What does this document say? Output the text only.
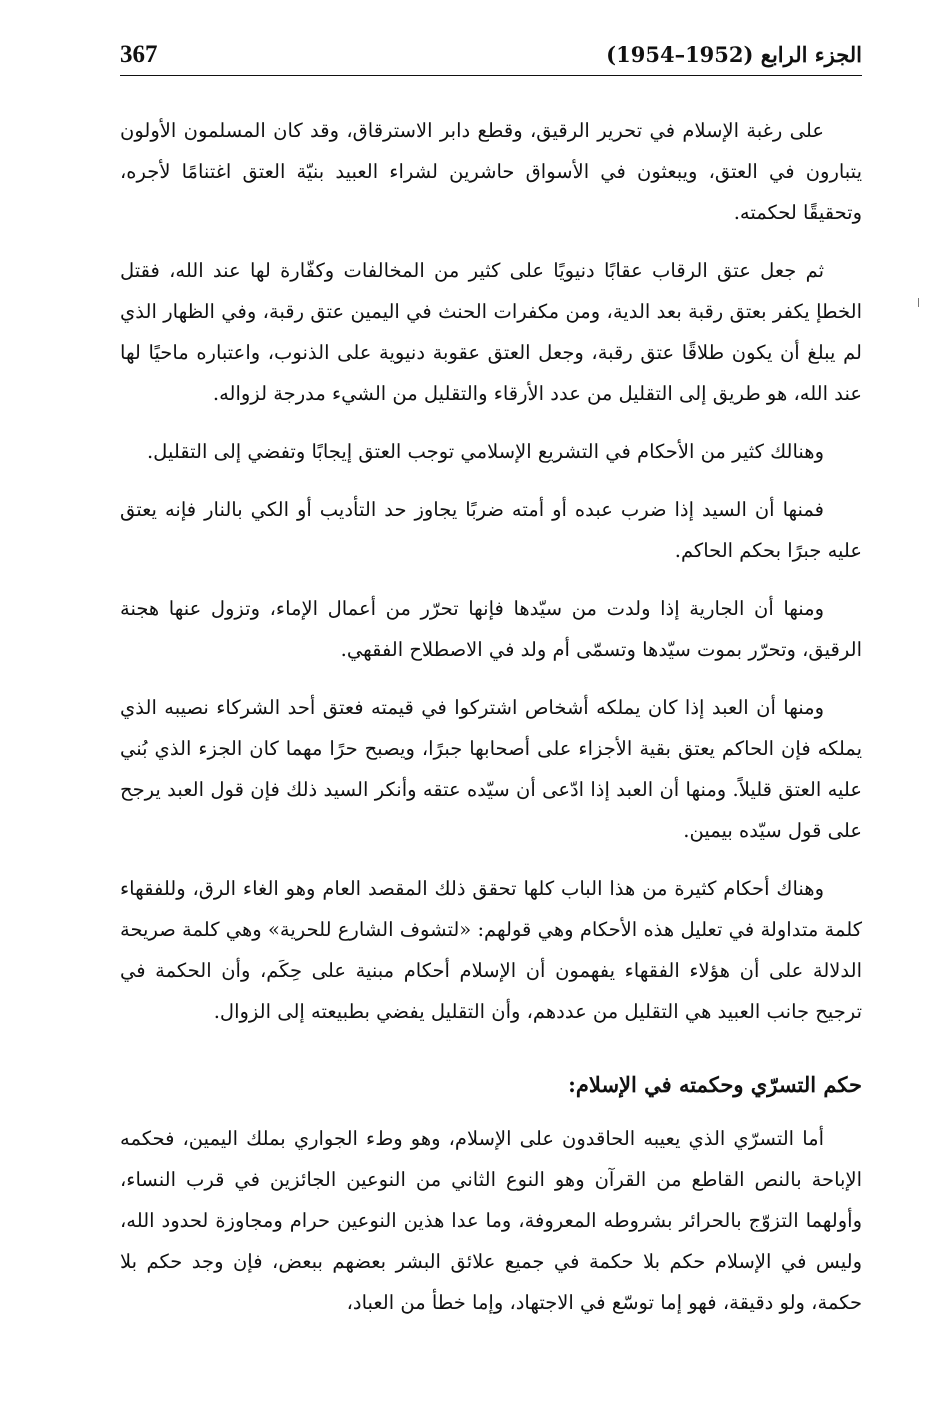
367	الجزء الرابع (1952–1954)

على رغبة الإسلام في تحرير الرقيق، وقطع دابر الاسترقاق، وقد كان المسلمون الأولون يتبارون في العتق، ويبعثون في الأسواق حاشرين لشراء العبيد بنيّة العتق اغتنامًا لأجره، وتحقيقًا لحكمته.

ثم جعل عتق الرقاب عقابًا دنيويًا على كثير من المخالفات وكفّارة لها عند الله، فقتل الخطإ يكفر بعتق رقبة بعد الدية، ومن مكفرات الحنث في اليمين عتق رقبة، وفي الظهار الذي لم يبلغ أن يكون طلاقًا عتق رقبة، وجعل العتق عقوبة دنيوية على الذنوب، واعتباره ماحيًا لها عند الله، هو طريق إلى التقليل من عدد الأرقاء والتقليل من الشيء مدرجة لزواله.

وهنالك كثير من الأحكام في التشريع الإسلامي توجب العتق إيجابًا وتفضي إلى التقليل.

فمنها أن السيد إذا ضرب عبده أو أمته ضربًا يجاوز حد التأديب أو الكي بالنار فإنه يعتق عليه جبرًا بحكم الحاكم.

ومنها أن الجارية إذا ولدت من سيّدها فإنها تحرّر من أعمال الإماء، وتزول عنها هجنة الرقيق، وتحرّر بموت سيّدها وتسمّى أم ولد في الاصطلاح الفقهي.

ومنها أن العبد إذا كان يملكه أشخاص اشتركوا في قيمته فعتق أحد الشركاء نصيبه الذي يملكه فإن الحاكم يعتق بقية الأجزاء على أصحابها جبرًا، ويصبح حرًا مهما كان الجزء الذي بُني عليه العتق قليلاً. ومنها أن العبد إذا ادّعى أن سيّده عتقه وأنكر السيد ذلك فإن قول العبد يرجح على قول سيّده بيمين.

وهناك أحكام كثيرة من هذا الباب كلها تحقق ذلك المقصد العام وهو الغاء الرق، وللفقهاء كلمة متداولة في تعليل هذه الأحكام وهي قولهم: «لتشوف الشارع للحرية» وهي كلمة صريحة الدلالة على أن هؤلاء الفقهاء يفهمون أن الإسلام أحكام مبنية على حِكَم، وأن الحكمة في ترجيح جانب العبيد هي التقليل من عددهم، وأن التقليل يفضي بطبيعته إلى الزوال.

حكم التسرّي وحكمته في الإسلام:

أما التسرّي الذي يعيبه الحاقدون على الإسلام، وهو وطء الجواري بملك اليمين، فحكمه الإباحة بالنص القاطع من القرآن وهو النوع الثاني من النوعين الجائزين في قرب النساء، وأولهما التزوّج بالحرائر بشروطه المعروفة، وما عدا هذين النوعين حرام ومجاوزة لحدود الله، وليس في الإسلام حكم بلا حكمة في جميع علائق البشر بعضهم ببعض، فإن وجد حكم بلا حكمة، ولو دقيقة، فهو إما توسّع في الاجتهاد، وإما خطأ من العباد،
